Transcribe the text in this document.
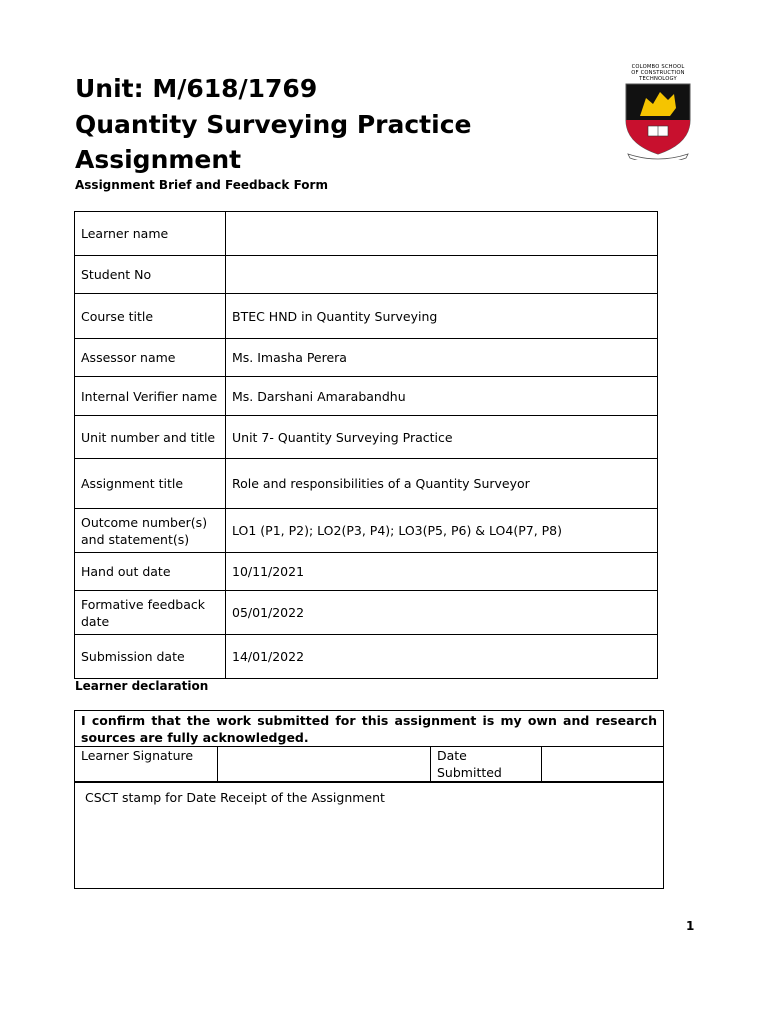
Unit: M/618/1769
Quantity Surveying Practice
Assignment
Assignment Brief and Feedback Form
COLOMBO SCHOOL
OF CONSTRUCTION
TECHNOLOGY
Learner name	
Student No	
Course title	BTEC HND in Quantity Surveying
Assessor name	Ms. Imasha Perera
Internal Verifier name	Ms. Darshani Amarabandhu
Unit number and title	Unit 7- Quantity Surveying Practice
Assignment title	Role and responsibilities of a Quantity Surveyor
Outcome number(s) and statement(s)	LO1 (P1, P2); LO2(P3, P4); LO3(P5, P6) & LO4(P7, P8)
Hand out date	10/11/2021
Formative feedback date	05/01/2022
Submission date	14/01/2022
Learner declaration
I confirm that the work submitted for this assignment is my own and research sources are fully acknowledged.
Learner Signature		Date Submitted	
CSCT stamp for Date Receipt of the Assignment
1
